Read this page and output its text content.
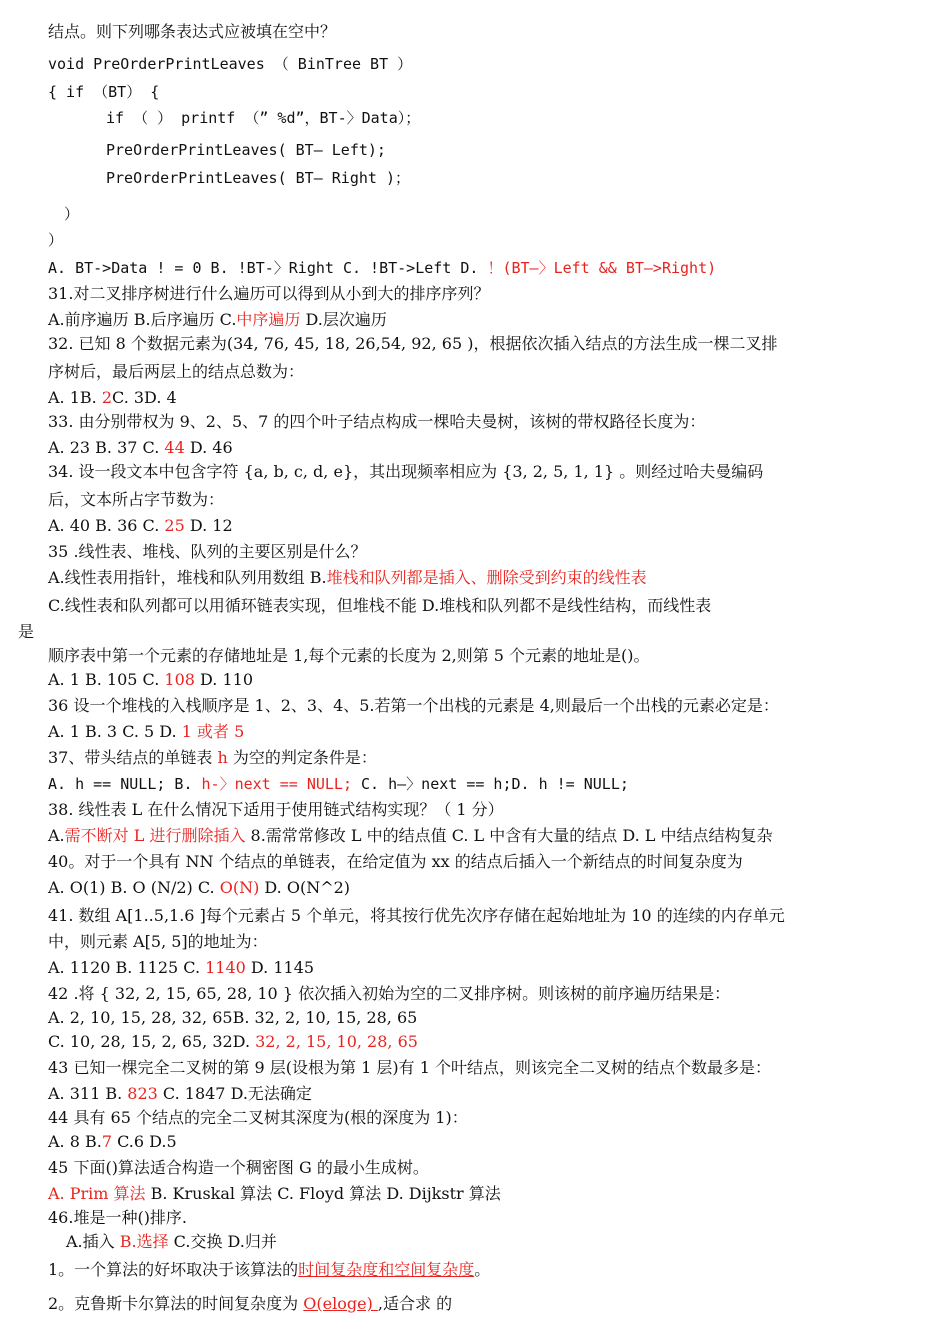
结点。则下列哪条表达式应被填在空中？
void PreOrderPrintLeaves （ BinTree BT ）
{ if （BT） {
if （ ） printf （” %d”，BT-〉Data）；
PreOrderPrintLeaves( BT— Left);
PreOrderPrintLeaves( BT— Right )；
）
）
A. BT->Data ! = 0 B. !BT-〉Right C. !BT->Left D. ！(BT—〉Left && BT—>Right)
31.对二叉排序树进行什么遍历可以得到从小到大的排序序列？
A.前序遍历 B.后序遍历 C.中序遍历 D.层次遍历
32. 已知 8 个数据元素为(34, 76, 45, 18, 26,54, 92, 65 )，根据依次插入结点的方法生成一棵二叉排
序树后，最后两层上的结点总数为：
A. 1B. 2C. 3D. 4
33. 由分别带权为 9、2、5、7 的四个叶子结点构成一棵哈夫曼树，该树的带权路径长度为：
A. 23 B. 37 C. 44 D. 46
34. 设一段文本中包含字符 {a, b, c, d, e}，其出现频率相应为 {3, 2, 5, 1, 1} 。则经过哈夫曼编码
后，文本所占字节数为：
A. 40 B. 36 C. 25 D. 12
35 .线性表、堆栈、队列的主要区别是什么？
A.线性表用指针，堆栈和队列用数组 B.堆栈和队列都是插入、删除受到约束的线性表
C.线性表和队列都可以用循环链表实现，但堆栈不能 D.堆栈和队列都不是线性结构，而线性表
是
顺序表中第一个元素的存储地址是 1,每个元素的长度为 2,则第 5 个元素的地址是()。
A. 1 B. 105 C. 108 D. 110
36 设一个堆栈的入栈顺序是 1、2、3、4、5.若第一个出栈的元素是 4,则最后一个出栈的元素必定是：
A. 1 B. 3 C. 5 D. 1 或者 5
37、带头结点的单链表 h 为空的判定条件是：
A. h == NULL; B. h-〉next == NULL; C. h—〉next == h;D. h != NULL;
38. 线性表 L 在什么情况下适用于使用链式结构实现？（ 1 分）
A.需不断对 L 进行删除插入 8.需常常修改 L 中的结点值 C. L 中含有大量的结点 D. L 中结点结构复杂
40。对于一个具有 NN 个结点的单链表，在给定值为 xx 的结点后插入一个新结点的时间复杂度为
A. O(1) B. O (N/2) C. O(N) D. O(N^2)
41. 数组 A[1..5,1.6 ]每个元素占 5 个单元，将其按行优先次序存储在起始地址为 10 的连续的内存单元
中，则元素 A[5, 5]的地址为：
A. 1120 B. 1125 C. 1140 D. 1145
42 .将 { 32, 2, 15, 65, 28, 10 } 依次插入初始为空的二叉排序树。则该树的前序遍历结果是：
A. 2, 10, 15, 28, 32, 65B. 32, 2, 10, 15, 28, 65
C. 10, 28, 15, 2, 65, 32D. 32, 2, 15, 10, 28, 65
43 已知一棵完全二叉树的第 9 层(设根为第 1 层)有 1 个叶结点，则该完全二叉树的结点个数最多是：
A. 311 B. 823 C. 1847 D.无法确定
44 具有 65 个结点的完全二叉树其深度为(根的深度为 1)：
A. 8 B.7 C.6 D.5
45 下面()算法适合构造一个稠密图 G 的最小生成树。
A. Prim 算法 B. Kruskal 算法 C. Floyd 算法 D. Dijkstr 算法
46.堆是一种()排序.
A.插入 B.选择 C.交换 D.归并
1。一个算法的好坏取决于该算法的时间复杂度和空间复杂度。
2。克鲁斯卡尔算法的时间复杂度为 O(eloge) ,适合求 的
